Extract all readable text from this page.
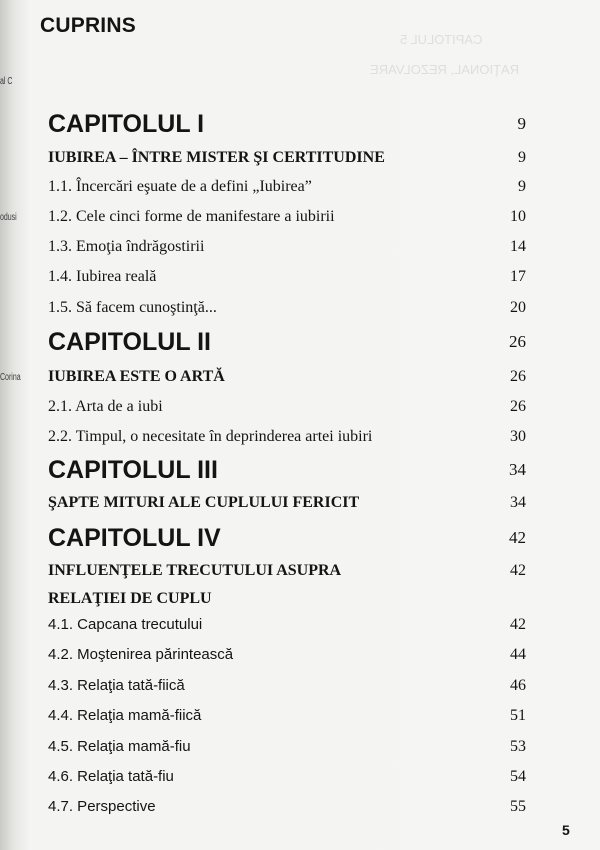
CAPITOLUL 5
RAŢIONAL, REZOLVARE
al C
odusi
Corina
CUPRINS
CAPITOLUL I	9
IUBIREA – ÎNTRE MISTER ŞI CERTITUDINE	9
1.1. Încercări eşuate de a defini „Iubirea”	9
1.2. Cele cinci forme de manifestare a iubirii	10
1.3. Emoţia îndrăgostirii	14
1.4. Iubirea reală	17
1.5. Să facem cunoştinţă...	20
CAPITOLUL II	26
IUBIREA ESTE O ARTĂ	26
2.1. Arta de a iubi	26
2.2. Timpul, o necesitate în deprinderea artei iubiri	30
CAPITOLUL III	34
ŞAPTE MITURI ALE CUPLULUI FERICIT	34
CAPITOLUL IV	42
INFLUENŢELE TRECUTULUI ASUPRA	42
RELAŢIEI DE CUPLU
4.1. Capcana trecutului	42
4.2. Moştenirea părintească	44
4.3. Relaţia tată-fiică	46
4.4. Relaţia mamă-fiică	51
4.5. Relaţia mamă-fiu	53
4.6. Relaţia tată-fiu	54
4.7. Perspective	55
5
